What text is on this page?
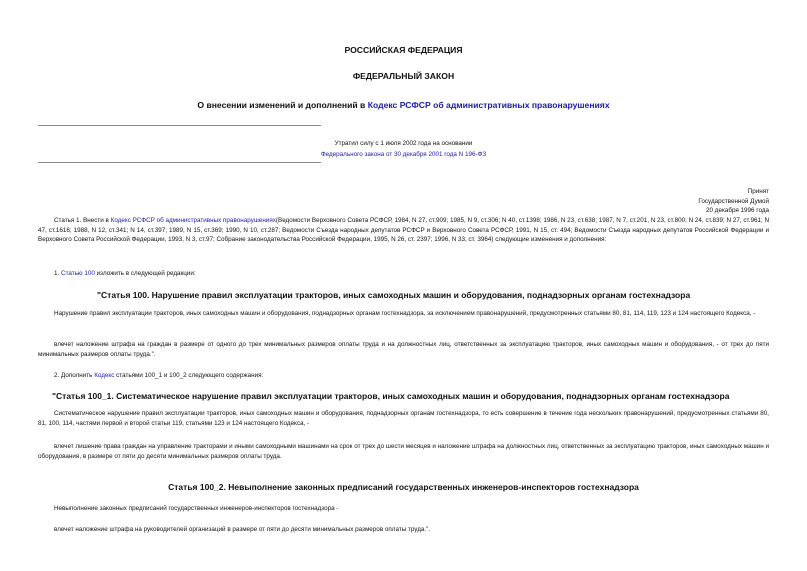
РОССИЙСКАЯ ФЕДЕРАЦИЯ
ФЕДЕРАЛЬНЫЙ ЗАКОН
О внесении изменений и дополнений в Кодекс РСФСР об административных правонарушениях
Утратил силу с 1 июля 2002 года на основании
Федерального закона от 30 декабря 2001 года N 196-ФЗ
Принят
Государственной Думой
20 декабря 1996 года
Статья 1. Внести в Кодекс РСФСР об административных правонарушениях(Ведомости Верховного Совета РСФСР, 1984, N 27, ст.909; 1985, N 9, ст.306; N 40, ст.1398; 1986, N 23, ст.638; 1987, N 7, ст.201, N 23, ст.800; N 24, ст.839; N 27, ст.961; N 47, ст.1616; 1988, N 12, ст.341; N 14, ст.397; 1989, N 15, ст.369; 1990, N 10, ст.287; Ведомости Съезда народных депутатов РСФСР и Верховного Совета РСФСР, 1991, N 15, ст. 494; Ведомости Съезда народных депутатов Российской Федерации и Верховного Совета Российской Федерации, 1993, N 3, ст.97; Собрание законодательства Российской Федерации, 1995, N 26, ст. 2397; 1996, N 33, ст. 3964) следующие изменения и дополнения:
1. Статью 100 изложить в следующей редакции:
"Статья 100. Нарушение правил эксплуатации тракторов, иных самоходных машин и оборудования, поднадзорных органам гостехнадзора
Нарушение правил эксплуатации тракторов, иных самоходных машин и оборудования, поднадзорных органам гостехнадзора, за исключением правонарушений, предусмотренных статьями 80, 81, 114, 119, 123 и 124 настоящего Кодекса, -
влечет наложение штрафа на граждан в размере от одного до трех минимальных размеров оплаты труда и на должностных лиц, ответственных за эксплуатацию тракторов, иных самоходных машин и оборудования, - от трех до пяти минимальных размеров оплаты труда.".
2. Дополнить Кодекс статьями 100_1 и 100_2 следующего содержания:
"Статья 100_1. Систематическое нарушение правил эксплуатации тракторов, иных самоходных машин и оборудования, поднадзорных органам гостехнадзора
Систематическое нарушение правил эксплуатации тракторов, иных самоходных машин и оборудования, поднадзорных органам гостехнадзора, то есть совершение в течение года нескольких правонарушений, предусмотренных статьями 80, 81, 100, 114, частями первой и второй статьи 119, статьями 123 и 124 настоящего Кодекса, -
влечет лишение права граждан на управление тракторами и иными самоходными машинами на срок от трех до шести месяцев и наложение штрафа на должностных лиц, ответственных за эксплуатацию тракторов, иных самоходных машин и оборудования, в размере от пяти до десяти минимальных размеров оплаты труда.
Статья 100_2. Невыполнение законных предписаний государственных инженеров-инспекторов гостехнадзора
Невыполнение законных предписаний государственных инженеров-инспекторов гостехнадзора -
влечет наложение штрафа на руководителей организаций в размере от пяти до десяти минимальных размеров оплаты труда.".
